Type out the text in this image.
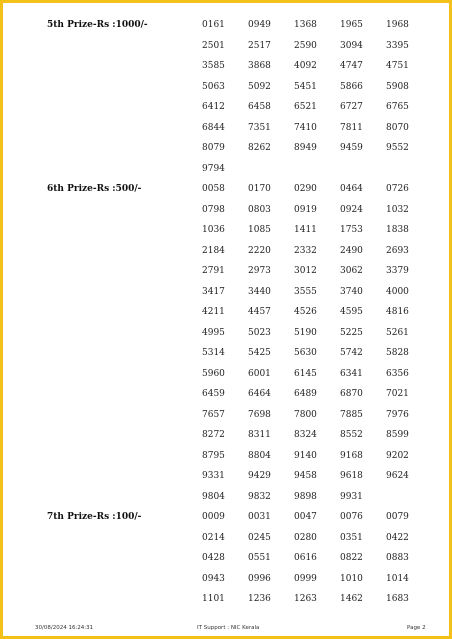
5th Prize-Rs :1000/-	0161	0949	1368	1965	1968
2501	2517	2590	3094	3395
3585	3868	4092	4747	4751
5063	5092	5451	5866	5908
6412	6458	6521	6727	6765
6844	7351	7410	7811	8070
8079	8262	8949	9459	9552
9794
6th Prize-Rs :500/-	0058	0170	0290	0464	0726
0798	0803	0919	0924	1032
1036	1085	1411	1753	1838
2184	2220	2332	2490	2693
2791	2973	3012	3062	3379
3417	3440	3555	3740	4000
4211	4457	4526	4595	4816
4995	5023	5190	5225	5261
5314	5425	5630	5742	5828
5960	6001	6145	6341	6356
6459	6464	6489	6870	7021
7657	7698	7800	7885	7976
8272	8311	8324	8552	8599
8795	8804	9140	9168	9202
9331	9429	9458	9618	9624
9804	9832	9898	9931
7th Prize-Rs :100/-	0009	0031	0047	0076	0079
0214	0245	0280	0351	0422
0428	0551	0616	0822	0883
0943	0996	0999	1010	1014
1101	1236	1263	1462	1683
30/08/2024 16:24:31	IT Support : NIC Kerala	Page 2
